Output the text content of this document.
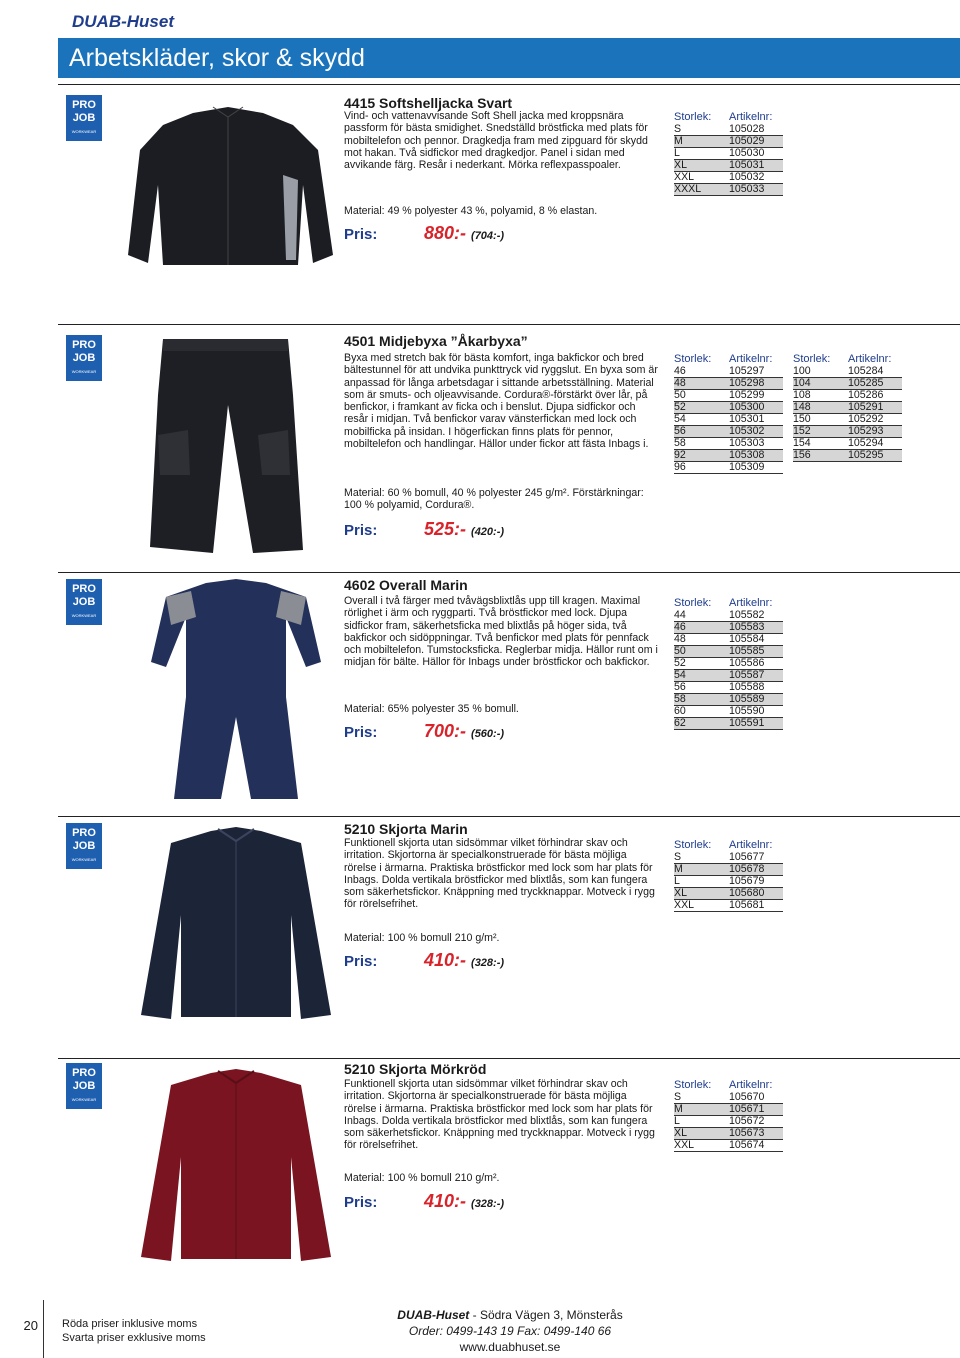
DUAB-Huset
Arbetskläder, skor & skydd
PRO
JOB
WORKWEAR
4415 Softshelljacka Svart
Vind- och vattenavvisande Soft Shell jacka med kroppsnära passform för bästa smidighet. Snedställd bröstficka med plats för mobiltelefon och pennor. Dragkedja fram med zipguard för skydd mot hakan. Två sidfickor med dragkedjor. Panel i sidan med avvikande färg. Resår i nederkant. Mörka reflexpasspoaler.
Material: 49 % polyester 43 %, polyamid, 8 % elastan.
Pris:	880:- (704:-)
Storlek:	Artikelnr:
S	105028
M	105029
L	105030
XL	105031
XXL	105032
XXXL	105033
PRO
JOB
WORKWEAR
4501 Midjebyxa ”Åkarbyxa”
Byxa med stretch bak för bästa komfort, inga bakfickor och bred bältestunnel för att undvika punkttryck vid ryggslut. En byxa som är anpassad för långa arbetsdagar i sittande arbetsställning. Material som är smuts- och oljeavvisande. Cordura®-förstärkt över lår, på benfickor, i framkant av ficka och i benslut. Djupa sidfickor och resår i midjan. Två benfickor varav vänsterfickan med lock och mobilficka på insidan. I högerfickan finns plats för pennor, mobiltelefon och handlingar. Hällor under fickor att fästa Inbags i.
Material: 60 % bomull, 40 % polyester 245 g/m². Förstärkningar: 100 % polyamid, Cordura®.
Pris:	525:- (420:-)
Storlek:	Artikelnr:
46	105297
48	105298
50	105299
52	105300
54	105301
56	105302
58	105303
92	105308
96	105309
Storlek:	Artikelnr:
100	105284
104	105285
108	105286
148	105291
150	105292
152	105293
154	105294
156	105295
PRO
JOB
WORKWEAR
4602 Overall Marin
Overall i två färger med tvåvägsblixtlås upp till kragen. Maximal rörlighet i ärm och ryggparti. Två bröstfickor med lock. Djupa sidfickor fram, säkerhetsficka med blixtlås på höger sida, två bakfickor och sidöppningar. Två benfickor med plats för pennfack och mobiltelefon. Tumstocksficka. Reglerbar midja. Hällor runt om i midjan för bälte. Hällor för Inbags under bröstfickor och bakfickor.
Material: 65% polyester 35 % bomull.
Pris:	700:- (560:-)
Storlek:	Artikelnr:
44	105582
46	105583
48	105584
50	105585
52	105586
54	105587
56	105588
58	105589
60	105590
62	105591
PRO
JOB
WORKWEAR
5210 Skjorta Marin
Funktionell skjorta utan sidsömmar vilket förhindrar skav och irritation. Skjortorna är specialkonstruerade för bästa möjliga rörelse i ärmarna. Praktiska bröstfickor med lock som har plats för Inbags. Dolda vertikala bröstfickor med blixtlås, som kan fungera som säkerhetsfickor. Knäppning med tryckknappar. Motveck i rygg för rörelsefrihet.
Material: 100 % bomull 210 g/m².
Pris:	410:- (328:-)
Storlek:	Artikelnr:
S	105677
M	105678
L	105679
XL	105680
XXL	105681
PRO
JOB
WORKWEAR
5210 Skjorta Mörkröd
Funktionell skjorta utan sidsömmar vilket förhindrar skav och irritation. Skjortorna är specialkonstruerade för bästa möjliga rörelse i ärmarna. Praktiska bröstfickor med lock som har plats för Inbags. Dolda vertikala bröstfickor med blixtlås, som kan fungera som säkerhetsfickor. Knäppning med tryckknappar. Motveck i rygg för rörelsefrihet.
Material: 100 % bomull 210 g/m².
Pris:	410:- (328:-)
Storlek:	Artikelnr:
S	105670
M	105671
L	105672
XL	105673
XXL	105674
20 Röda priser inklusive moms
Svarta priser exklusive moms
DUAB-Huset - Södra Vägen 3, Mönsterås
Order: 0499-143 19 Fax: 0499-140 66
www.duabhuset.se
